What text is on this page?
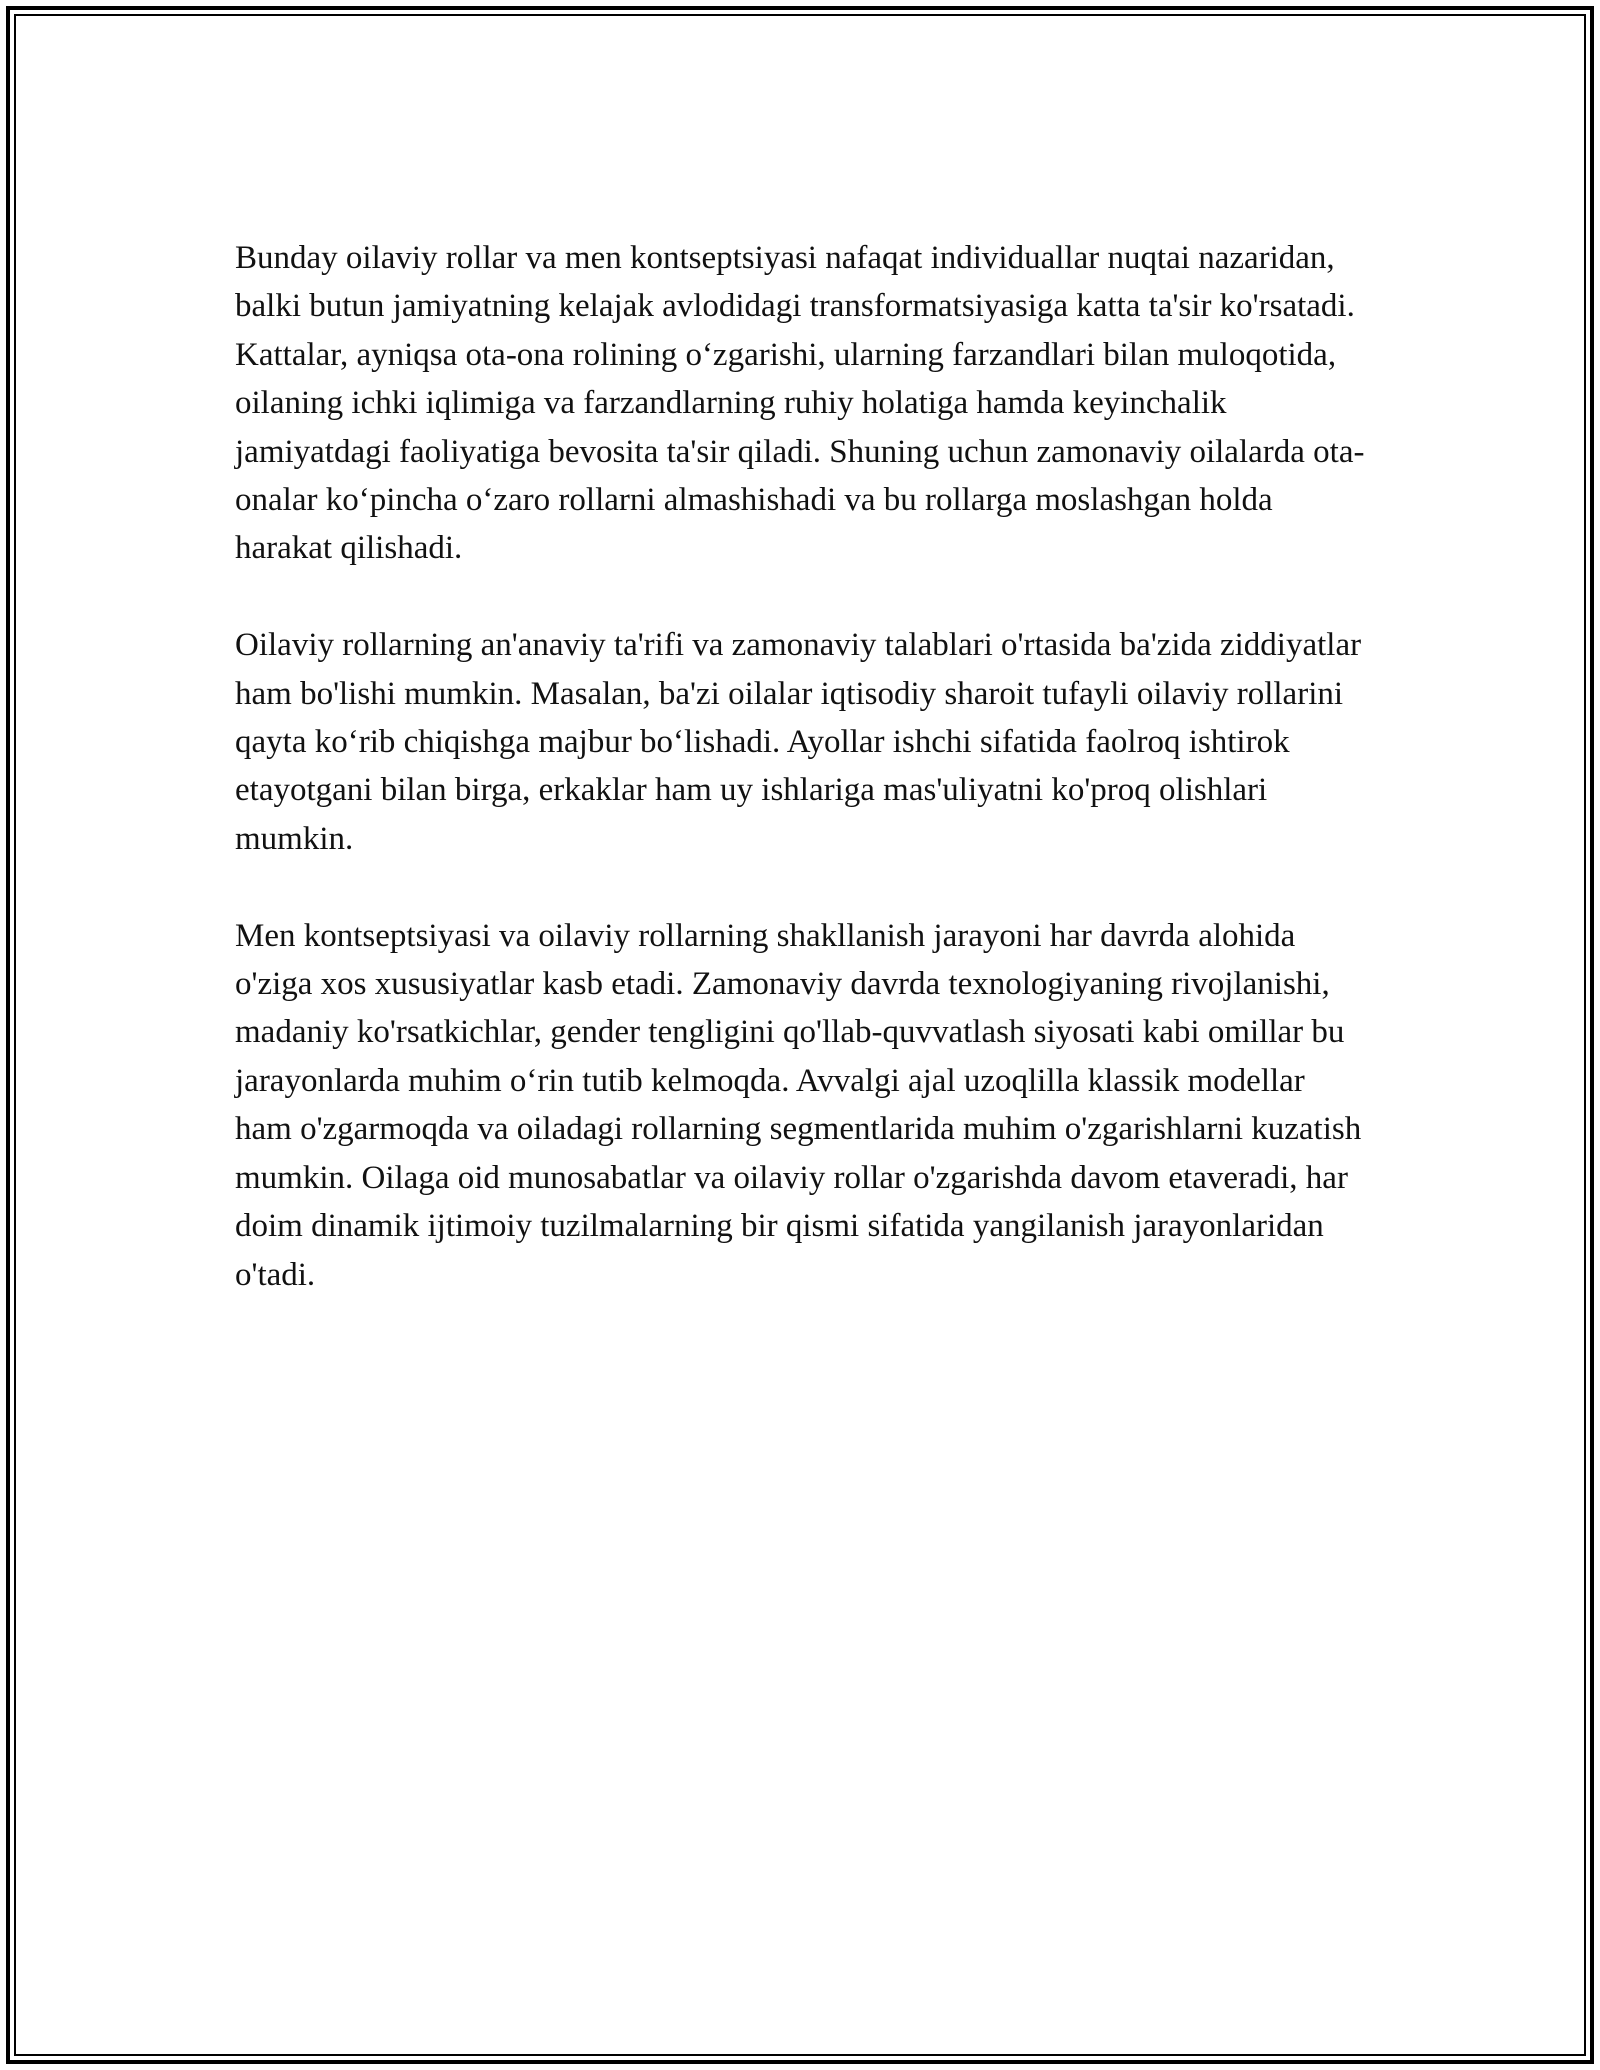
Bunday oilaviy rollar va men kontseptsiyasi nafaqat individuallar nuqtai nazaridan, balki butun jamiyatning kelajak avlodidagi transformatsiyasiga katta ta'sir ko'rsatadi. Kattalar, ayniqsa ota-ona rolining o‘zgarishi, ularning farzandlari bilan muloqotida, oilaning ichki iqlimiga va farzandlarning ruhiy holatiga hamda keyinchalik jamiyatdagi faoliyatiga bevosita ta'sir qiladi. Shuning uchun zamonaviy oilalarda ota-onalar ko‘pincha o‘zaro rollarni almashishadi va bu rollarga moslashgan holda harakat qilishadi.

Oilaviy rollarning an'anaviy ta'rifi va zamonaviy talablari o'rtasida ba'zida ziddiyatlar ham bo'lishi mumkin. Masalan, ba'zi oilalar iqtisodiy sharoit tufayli oilaviy rollarini qayta ko‘rib chiqishga majbur bo‘lishadi. Ayollar ishchi sifatida faolroq ishtirok etayotgani bilan birga, erkaklar ham uy ishlariga mas'uliyatni ko'proq olishlari mumkin.

Men kontseptsiyasi va oilaviy rollarning shakllanish jarayoni har davrda alohida o'ziga xos xususiyatlar kasb etadi. Zamonaviy davrda texnologiyaning rivojlanishi, madaniy ko'rsatkichlar, gender tengligini qo'llab-quvvatlash siyosati kabi omillar bu jarayonlarda muhim o‘rin tutib kelmoqda. Avvalgi ajal uzoqlilla klassik modellar ham o'zgarmoqda va oiladagi rollarning segmentlarida muhim o'zgarishlarni kuzatish mumkin. Oilaga oid munosabatlar va oilaviy rollar o'zgarishda davom etaveradi, har doim dinamik ijtimoiy tuzilmalarning bir qismi sifatida yangilanish jarayonlaridan o'tadi.
